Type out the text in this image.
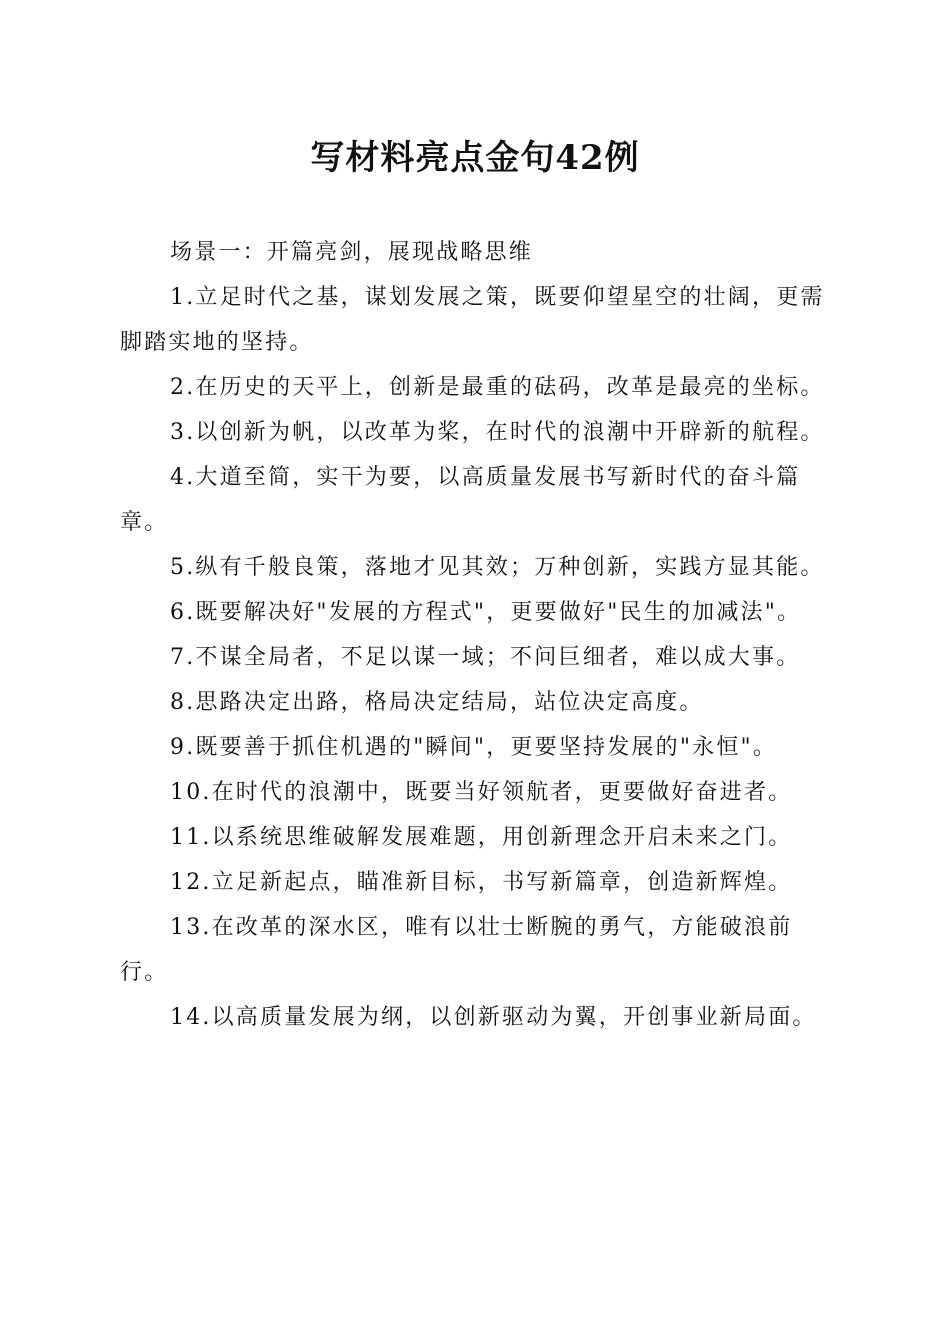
写材料亮点金句42例

场景一：开篇亮剑，展现战略思维

1.立足时代之基，谋划发展之策，既要仰望星空的壮阔，更需脚踏实地的坚持。

2.在历史的天平上，创新是最重的砝码，改革是最亮的坐标。

3.以创新为帆，以改革为桨，在时代的浪潮中开辟新的航程。

4.大道至简，实干为要，以高质量发展书写新时代的奋斗篇章。

5.纵有千般良策，落地才见其效；万种创新，实践方显其能。

6.既要解决好"发展的方程式"，更要做好"民生的加减法"。

7.不谋全局者，不足以谋一域；不问巨细者，难以成大事。

8.思路决定出路，格局决定结局，站位决定高度。

9.既要善于抓住机遇的"瞬间"，更要坚持发展的"永恒"。

10.在时代的浪潮中，既要当好领航者，更要做好奋进者。

11.以系统思维破解发展难题，用创新理念开启未来之门。

12.立足新起点，瞄准新目标，书写新篇章，创造新辉煌。

13.在改革的深水区，唯有以壮士断腕的勇气，方能破浪前行。

14.以高质量发展为纲，以创新驱动为翼，开创事业新局面。
